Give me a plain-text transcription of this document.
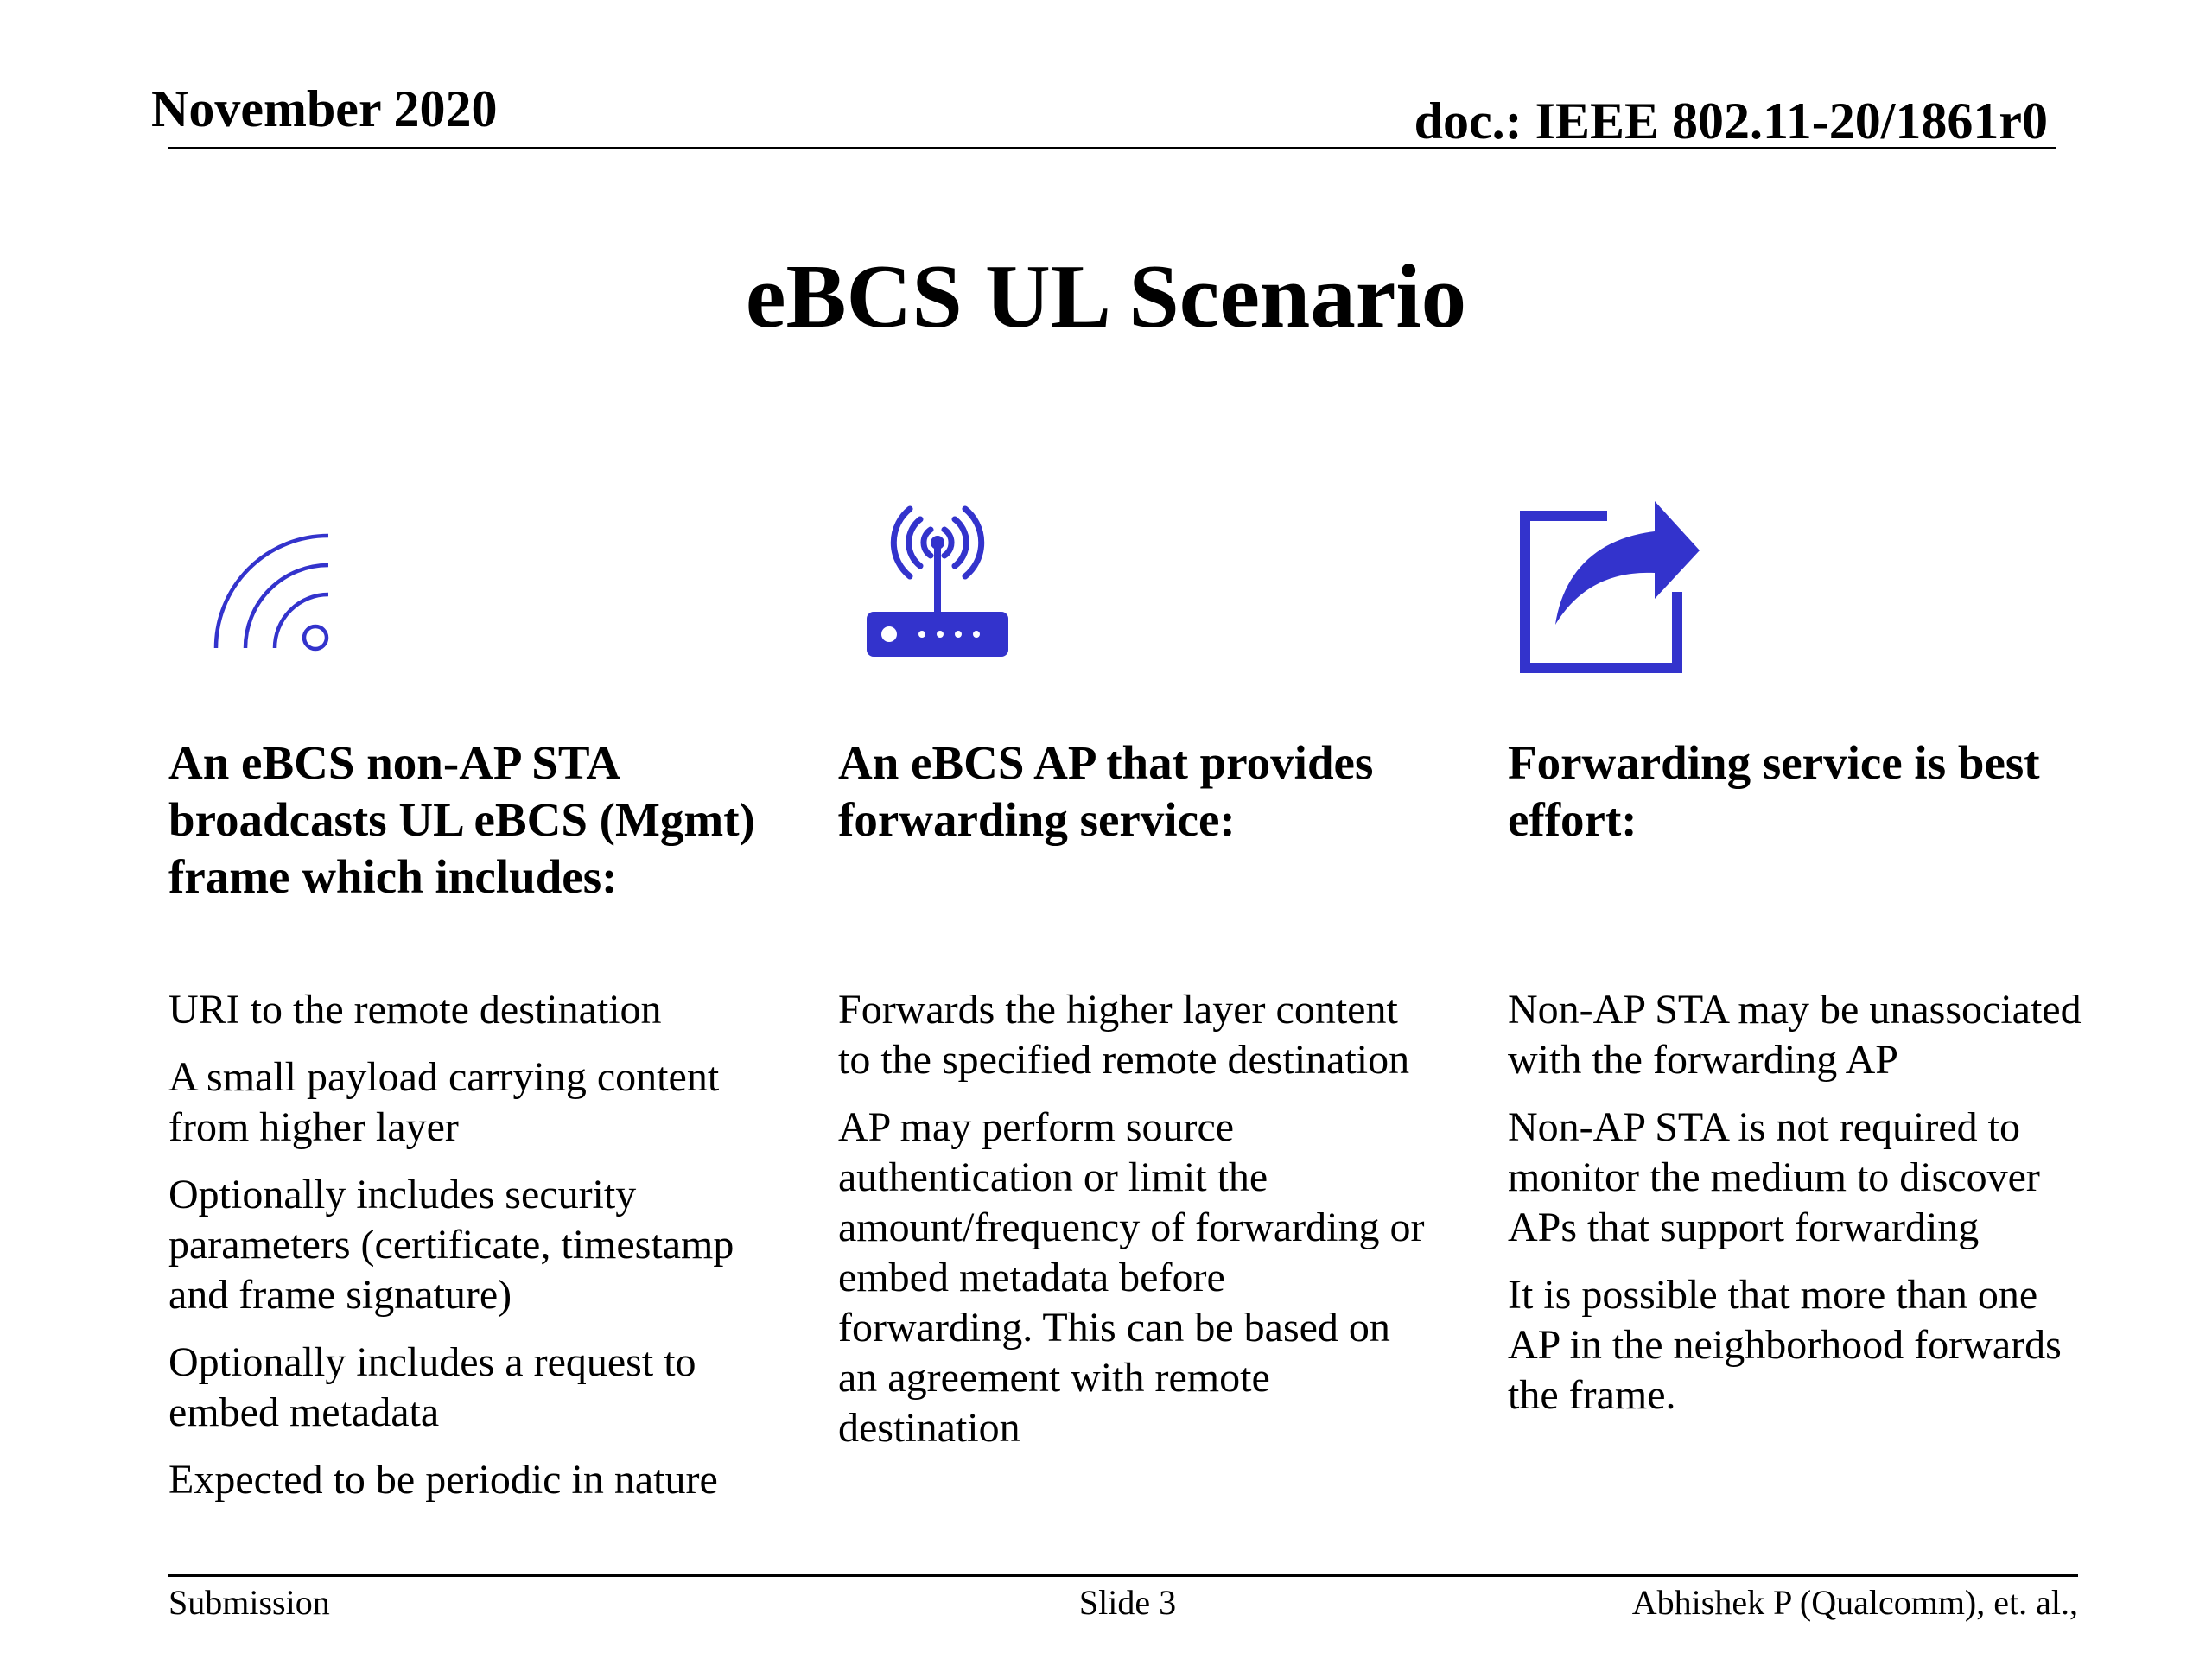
November 2020	doc.: IEEE 802.11-20/1861r0
eBCS UL Scenario
An eBCS non-AP STA broadcasts UL eBCS (Mgmt) frame which includes:

URI to the remote destination

A small payload carrying content from higher layer

Optionally includes security parameters (certificate, timestamp and frame signature)

Optionally includes a request to embed metadata

Expected to be periodic in nature

An eBCS AP that provides forwarding service:

Forwards the higher layer content to the specified remote destination

AP may perform source authentication or limit the amount/frequency of forwarding or embed metadata before forwarding. This can be based on an agreement with remote destination

Forwarding service is best effort:

Non-AP STA may be unassociated with the forwarding AP

Non-AP STA is not required to monitor the medium to discover APs that support forwarding

It is possible that more than one AP in the neighborhood forwards the frame.

Submission	Slide 3	Abhishek P (Qualcomm), et. al.,
